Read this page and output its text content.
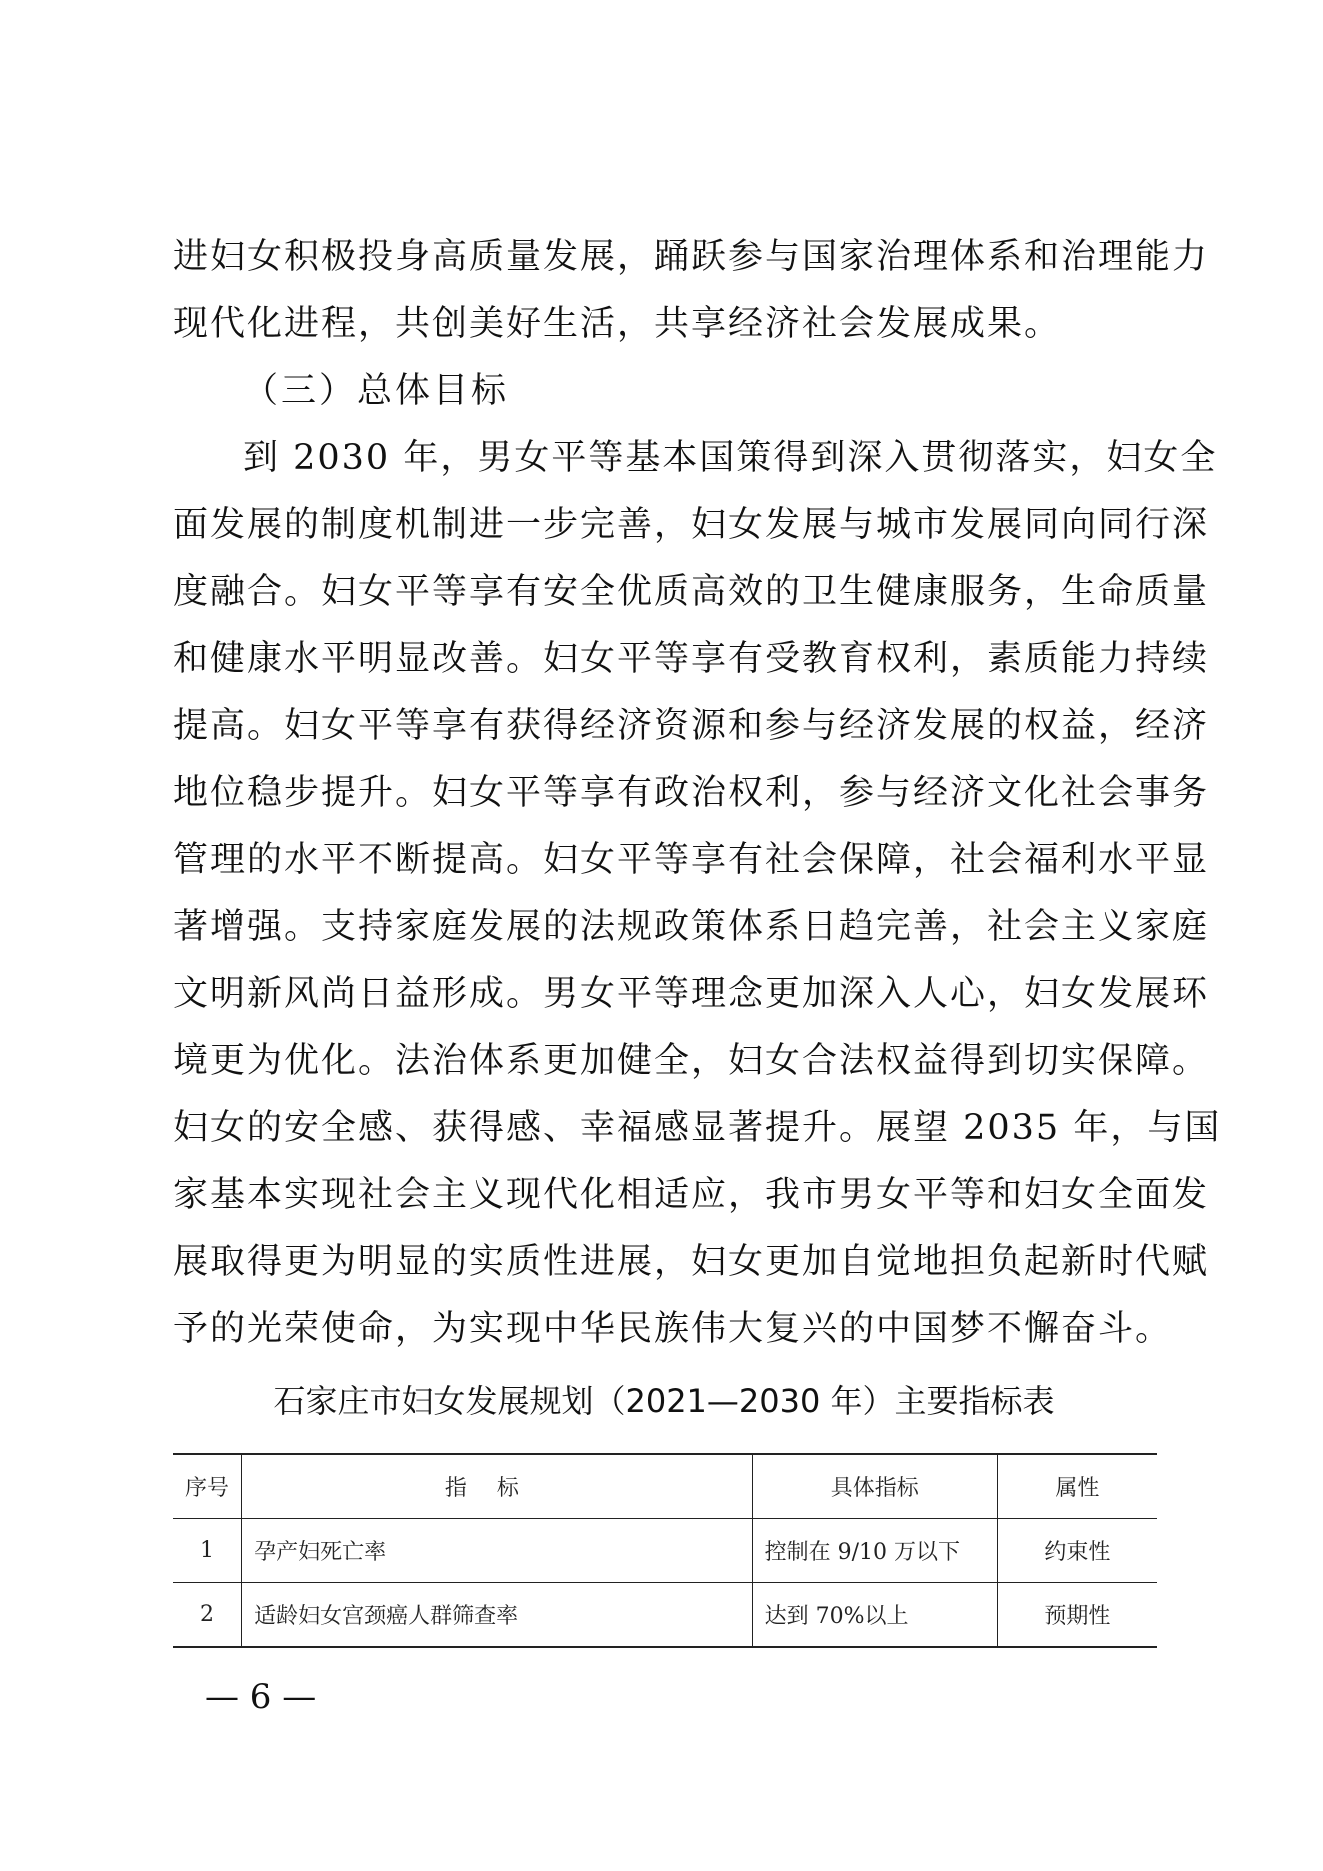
进妇女积极投身高质量发展，踊跃参与国家治理体系和治理能力
现代化进程，共创美好生活，共享经济社会发展成果。
（三）总体目标
到 2030 年，男女平等基本国策得到深入贯彻落实，妇女全
面发展的制度机制进一步完善，妇女发展与城市发展同向同行深
度融合。妇女平等享有安全优质高效的卫生健康服务，生命质量
和健康水平明显改善。妇女平等享有受教育权利，素质能力持续
提高。妇女平等享有获得经济资源和参与经济发展的权益，经济
地位稳步提升。妇女平等享有政治权利，参与经济文化社会事务
管理的水平不断提高。妇女平等享有社会保障，社会福利水平显
著增强。支持家庭发展的法规政策体系日趋完善，社会主义家庭
文明新风尚日益形成。男女平等理念更加深入人心，妇女发展环
境更为优化。法治体系更加健全，妇女合法权益得到切实保障。
妇女的安全感、获得感、幸福感显著提升。展望 2035 年，与国
家基本实现社会主义现代化相适应，我市男女平等和妇女全面发
展取得更为明显的实质性进展，妇女更加自觉地担负起新时代赋
予的光荣使命，为实现中华民族伟大复兴的中国梦不懈奋斗。
石家庄市妇女发展规划（2021—2030 年）主要指标表
序号	指标	具体指标	属性
1	孕产妇死亡率	控制在 9/10 万以下	约束性
2	适龄妇女宫颈癌人群筛查率	达到 70%以上	预期性
— 6 —
